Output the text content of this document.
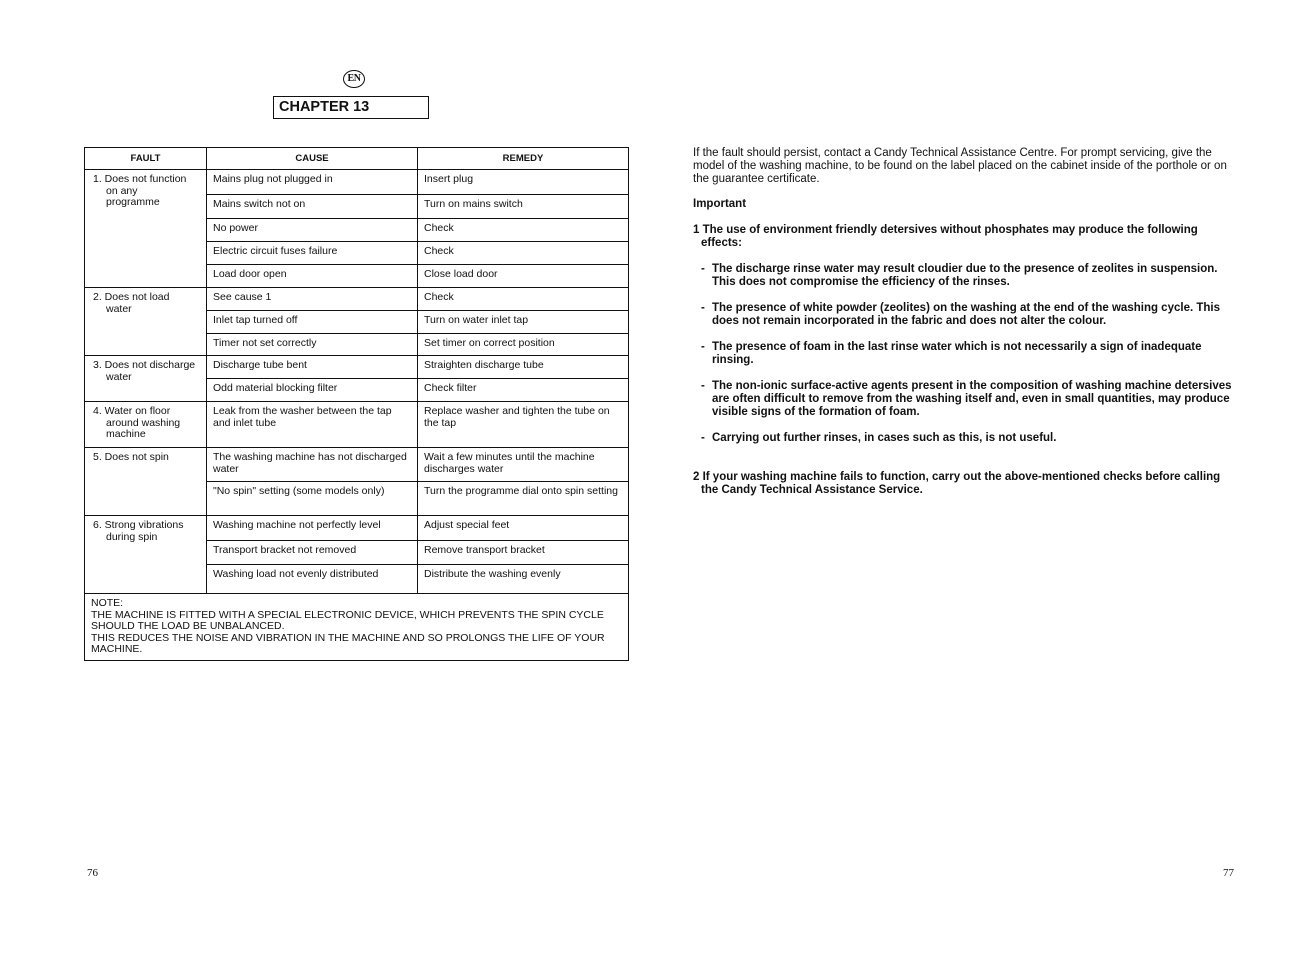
EN
CHAPTER 13
FAULT	CAUSE	REMEDY

1. Does not function
on any
programme	Mains plug not plugged in	Insert plug
	Mains switch not on	Turn on mains switch
	No power	Check
	Electric circuit fuses failure	Check
	Load door open	Close load door

2. Does not load
water	See cause 1	Check
	Inlet tap turned off	Turn on water inlet tap
	Timer not set correctly	Set timer on correct position

3. Does not discharge
water	Discharge tube bent	Straighten discharge tube
	Odd material blocking filter	Check filter

4. Water on floor
around washing
machine	Leak from the washer between the tap and inlet tube	Replace washer and tighten the tube on the tap

5. Does not spin	The washing machine has not discharged water	Wait a few minutes until the machine discharges water
	"No spin" setting (some models only)	Turn the programme dial onto spin setting

6. Strong vibrations
during spin	Washing machine not perfectly level	Adjust special feet
	Transport bracket not removed	Remove transport bracket
	Washing load not evenly distributed	Distribute the washing evenly

NOTE:
THE MACHINE IS FITTED WITH A SPECIAL ELECTRONIC DEVICE, WHICH PREVENTS THE SPIN CYCLE SHOULD THE LOAD BE UNBALANCED.
THIS REDUCES THE NOISE AND VIBRATION IN THE MACHINE AND SO PROLONGS THE LIFE OF YOUR MACHINE.		
76

If the fault should persist, contact a Candy Technical Assistance Centre. For prompt servicing, give the model of the washing machine, to be found on the label placed on the cabinet inside of the porthole or on the guarantee certificate.

Important

1 The use of environment friendly detersives without phosphates may produce the following effects:

- The discharge rinse water may result cloudier due to the presence of zeolites in suspension. This does not compromise the efficiency of the rinses.
- The presence of white powder (zeolites) on the washing at the end of the washing cycle. This does not remain incorporated in the fabric and does not alter the colour.
- The presence of foam in the last rinse water which is not necessarily a sign of inadequate rinsing.
- The non-ionic surface-active agents present in the composition of washing machine detersives are often difficult to remove from the washing itself and, even in small quantities, may produce visible signs of the formation of foam.
- Carrying out further rinses, in cases such as this, is not useful.

2 If your washing machine fails to function, carry out the above-mentioned checks before calling the Candy Technical Assistance Service.

77
